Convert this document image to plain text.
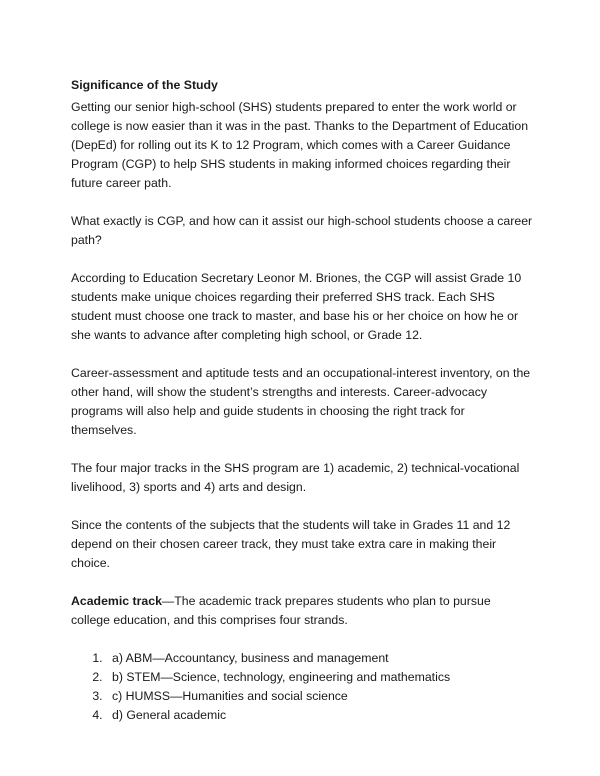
Significance of the Study

Getting our senior high-school (SHS) students prepared to enter the work world or college is now easier than it was in the past. Thanks to the Department of Education (DepEd) for rolling out its K to 12 Program, which comes with a Career Guidance Program (CGP) to help SHS students in making informed choices regarding their future career path.

What exactly is CGP, and how can it assist our high-school students choose a career path?

According to Education Secretary Leonor M. Briones, the CGP will assist Grade 10 students make unique choices regarding their preferred SHS track. Each SHS student must choose one track to master, and base his or her choice on how he or she wants to advance after completing high school, or Grade 12.

Career-assessment and aptitude tests and an occupational-interest inventory, on the other hand, will show the student’s strengths and interests. Career-advocacy programs will also help and guide students in choosing the right track for themselves.

The four major tracks in the SHS program are 1) academic, 2) technical-vocational livelihood, 3) sports and 4) arts and design.

Since the contents of the subjects that the students will take in Grades 11 and 12 depend on their chosen career track, they must take extra care in making their choice.

Academic track—The academic track prepares students who plan to pursue college education, and this comprises four strands.

1. a) ABM—Accountancy, business and management
2. b) STEM—Science, technology, engineering and mathematics
3. c) HUMSS—Humanities and social science
4. d) General academic
